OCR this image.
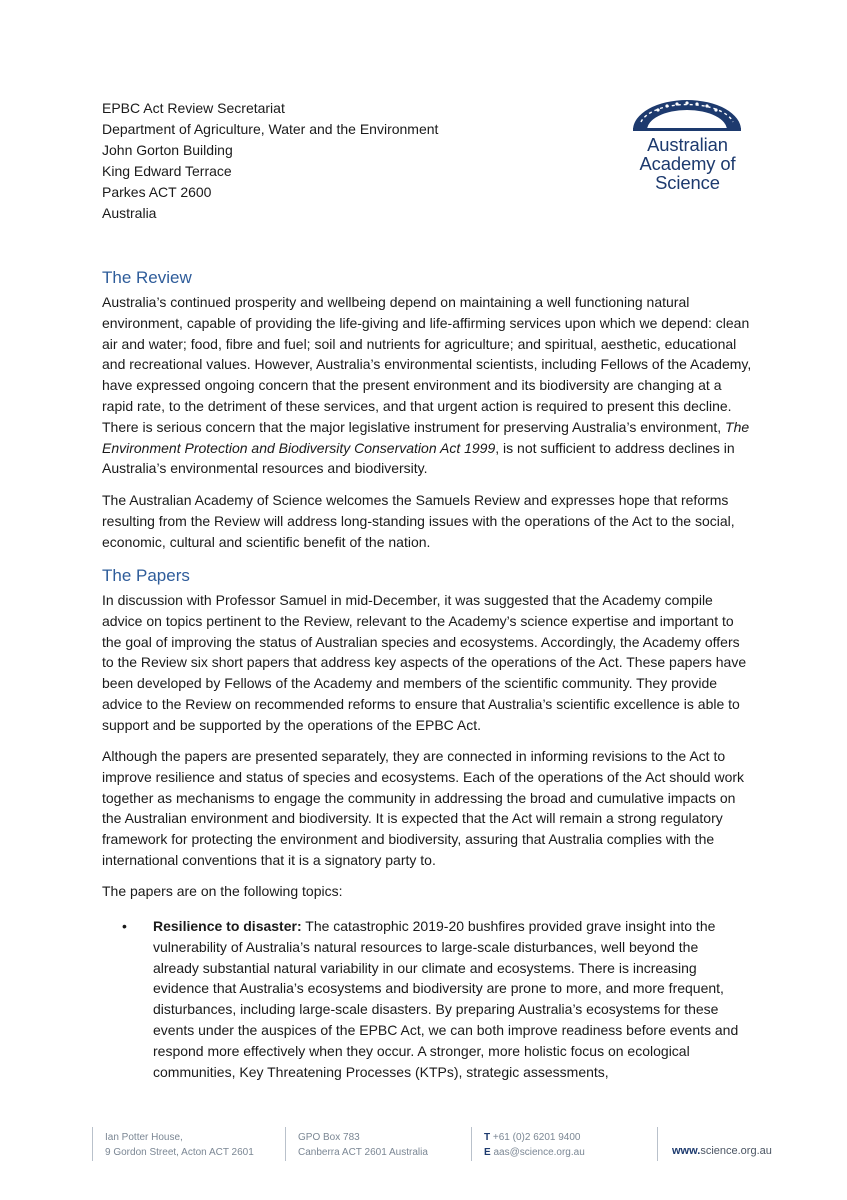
EPBC Act Review Secretariat
Department of Agriculture, Water and the Environment
John Gorton Building
King Edward Terrace
Parkes ACT 2600
Australia
Australian
Academy of
Science
The Review

Australia’s continued prosperity and wellbeing depend on maintaining a well functioning natural environment, capable of providing the life-giving and life-affirming services upon which we depend: clean air and water; food, fibre and fuel; soil and nutrients for agriculture; and spiritual, aesthetic, educational and recreational values. However, Australia’s environmental scientists, including Fellows of the Academy, have expressed ongoing concern that the present environment and its biodiversity are changing at a rapid rate, to the detriment of these services, and that urgent action is required to present this decline. There is serious concern that the major legislative instrument for preserving Australia’s environment, The Environment Protection and Biodiversity Conservation Act 1999, is not sufficient to address declines in Australia’s environmental resources and biodiversity.

The Australian Academy of Science welcomes the Samuels Review and expresses hope that reforms resulting from the Review will address long-standing issues with the operations of the Act to the social, economic, cultural and scientific benefit of the nation.

The Papers

In discussion with Professor Samuel in mid-December, it was suggested that the Academy compile advice on topics pertinent to the Review, relevant to the Academy’s science expertise and important to the goal of improving the status of Australian species and ecosystems. Accordingly, the Academy offers to the Review six short papers that address key aspects of the operations of the Act. These papers have been developed by Fellows of the Academy and members of the scientific community. They provide advice to the Review on recommended reforms to ensure that Australia’s scientific excellence is able to support and be supported by the operations of the EPBC Act.

Although the papers are presented separately, they are connected in informing revisions to the Act to improve resilience and status of species and ecosystems. Each of the operations of the Act should work together as mechanisms to engage the community in addressing the broad and cumulative impacts on the Australian environment and biodiversity. It is expected that the Act will remain a strong regulatory framework for protecting the environment and biodiversity, assuring that Australia complies with the international conventions that it is a signatory party to.

The papers are on the following topics:

•	Resilience to disaster: The catastrophic 2019-20 bushfires provided grave insight into the vulnerability of Australia’s natural resources to large-scale disturbances, well beyond the already substantial natural variability in our climate and ecosystems. There is increasing evidence that Australia’s ecosystems and biodiversity are prone to more, and more frequent, disturbances, including large-scale disasters. By preparing Australia’s ecosystems for these events under the auspices of the EPBC Act, we can both improve readiness before events and respond more effectively when they occur. A stronger, more holistic focus on ecological communities, Key Threatening Processes (KTPs), strategic assessments,
Ian Potter House,
9 Gordon Street, Acton ACT 2601
GPO Box 783
Canberra ACT 2601 Australia
T +61 (0)2 6201 9400
E aas@science.org.au	www.science.org.au
